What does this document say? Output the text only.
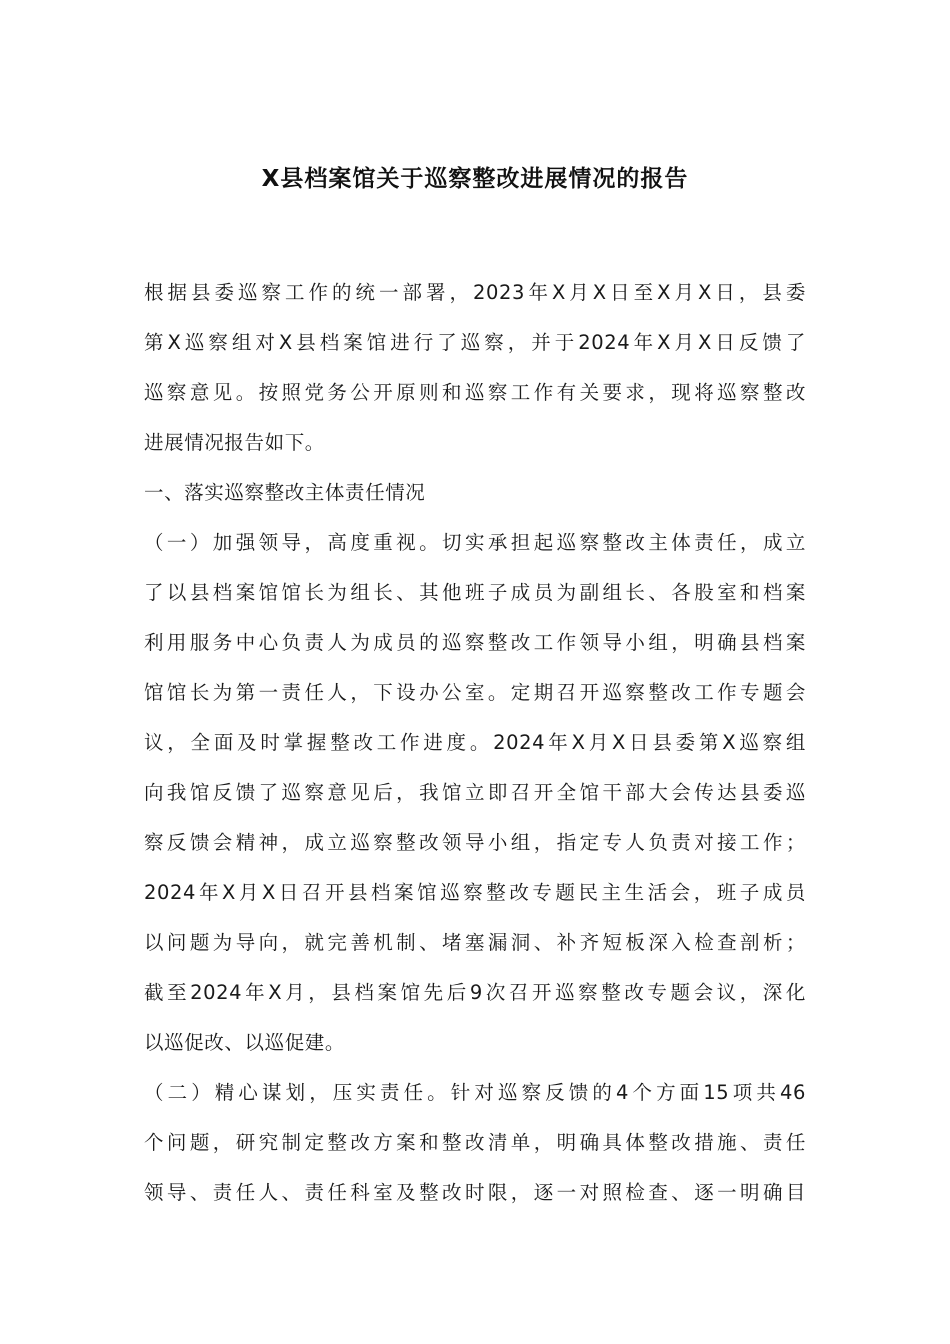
X县档案馆关于巡察整改进展情况的报告
根据县委巡察工作的统一部署，2023年X月X日至X月X日，县委
第X巡察组对X县档案馆进行了巡察，并于2024年X月X日反馈了
巡察意见。按照党务公开原则和巡察工作有关要求，现将巡察整改
进展情况报告如下。
一、落实巡察整改主体责任情况
（一）加强领导，高度重视。切实承担起巡察整改主体责任，成立
了以县档案馆馆长为组长、其他班子成员为副组长、各股室和档案
利用服务中心负责人为成员的巡察整改工作领导小组，明确县档案
馆馆长为第一责任人，下设办公室。定期召开巡察整改工作专题会
议，全面及时掌握整改工作进度。2024年X月X日县委第X巡察组
向我馆反馈了巡察意见后，我馆立即召开全馆干部大会传达县委巡
察反馈会精神，成立巡察整改领导小组，指定专人负责对接工作；
2024年X月X日召开县档案馆巡察整改专题民主生活会，班子成员
以问题为导向，就完善机制、堵塞漏洞、补齐短板深入检查剖析；
截至2024年X月，县档案馆先后9次召开巡察整改专题会议，深化
以巡促改、以巡促建。
（二）精心谋划，压实责任。针对巡察反馈的4个方面15项共46
个问题，研究制定整改方案和整改清单，明确具体整改措施、责任
领导、责任人、责任科室及整改时限，逐一对照检查、逐一明确目
